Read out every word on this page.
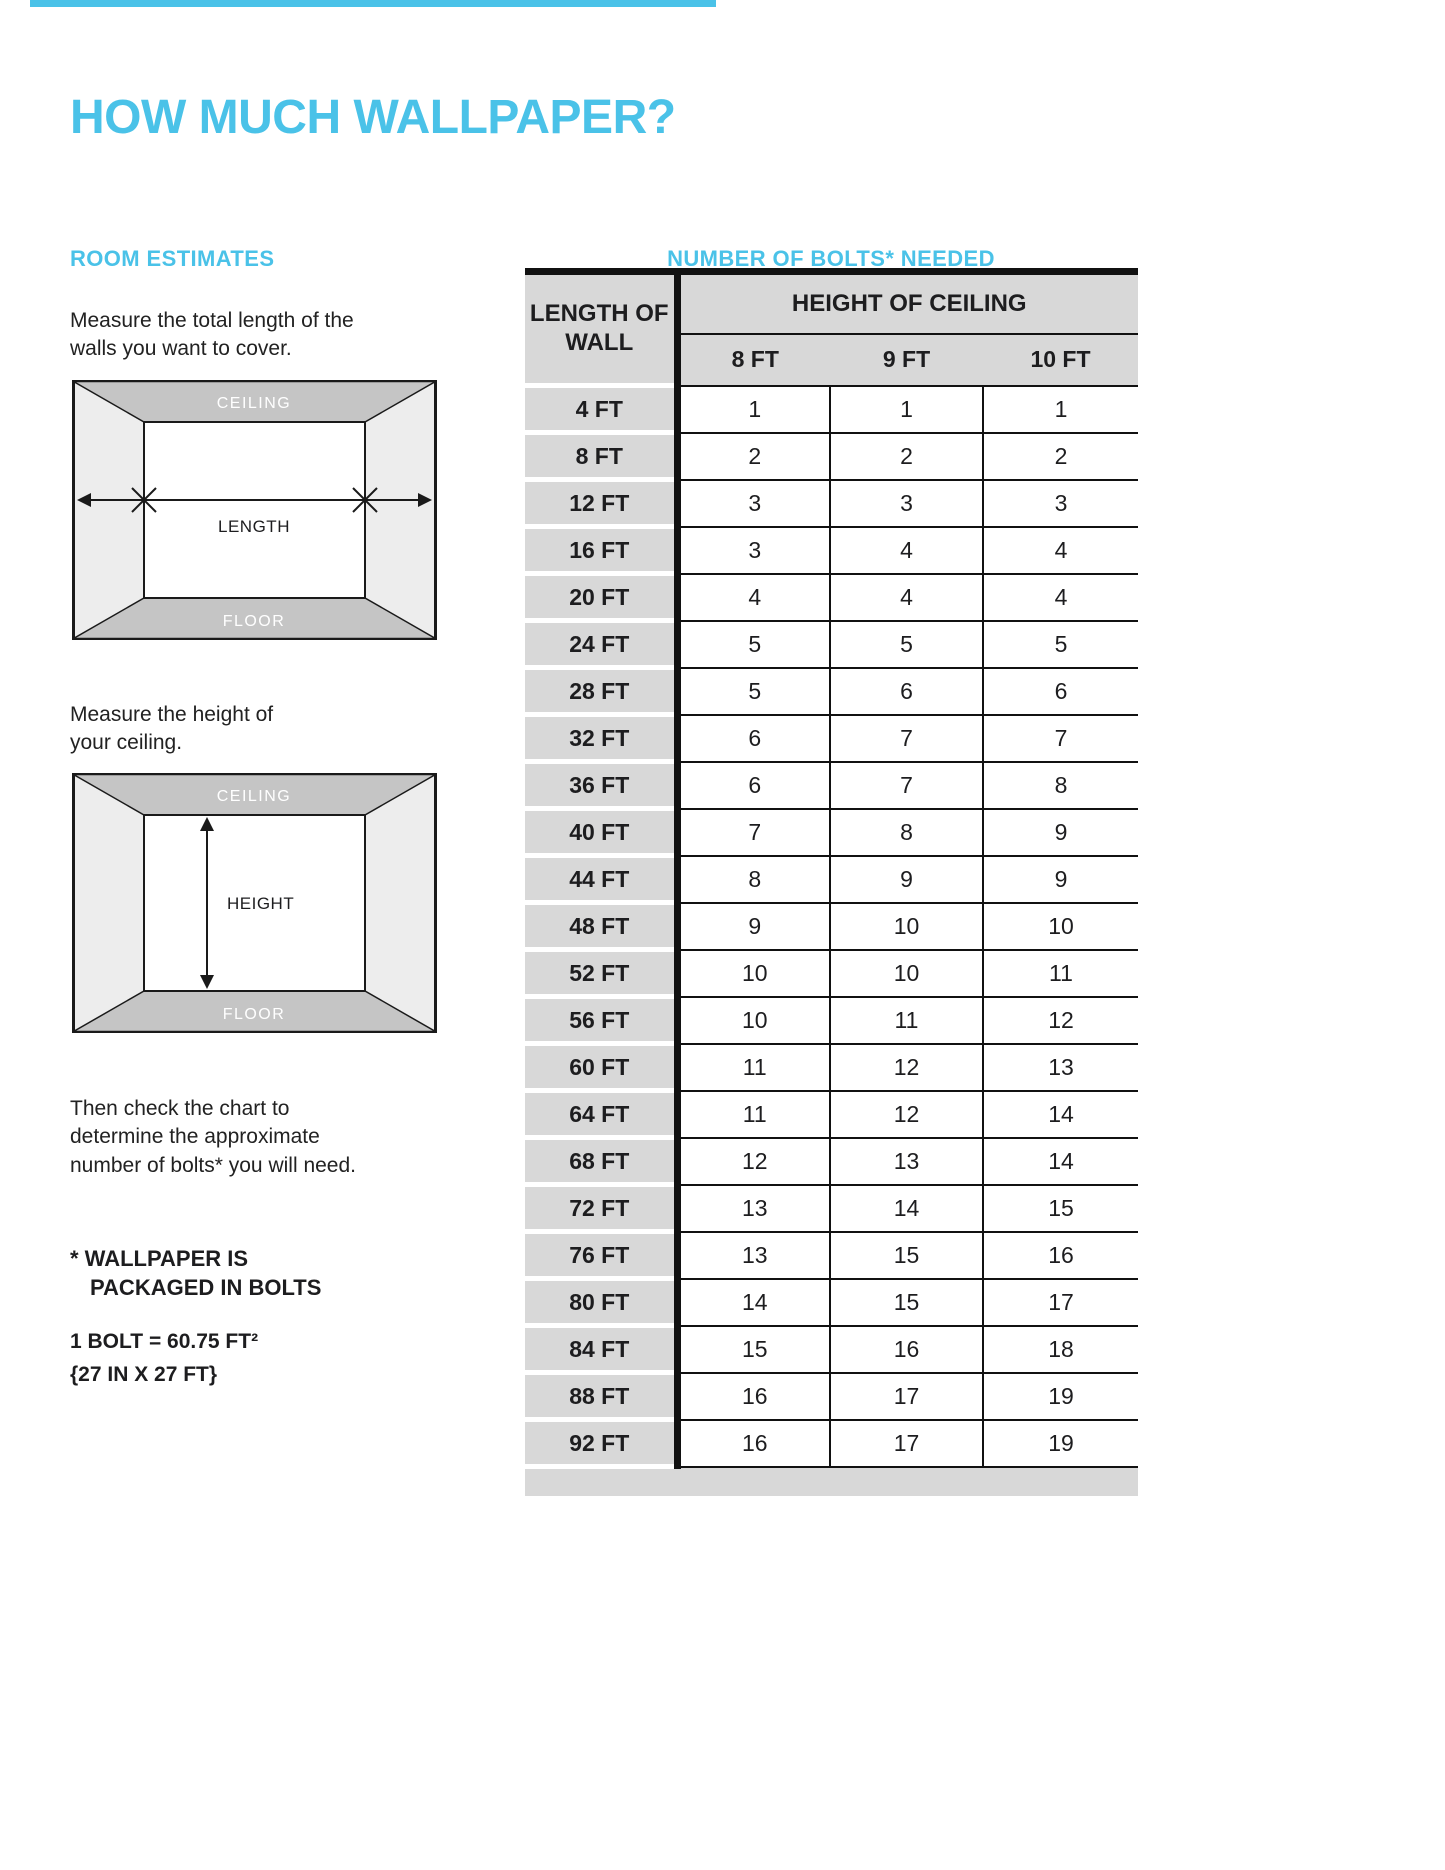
HOW MUCH WALLPAPER?
ROOM ESTIMATES

Measure the total length of the walls you want to cover.

CEILING
FLOOR
LENGTH

Measure the height of your ceiling.

CEILING
FLOOR
HEIGHT

Then check the chart to determine the approximate number of bolts* you will need.

* WALLPAPER IS
PACKAGED IN BOLTS
1 BOLT = 60.75 FT²
{27 IN X 27 FT}
NUMBER OF BOLTS* NEEDED
LENGTH OF WALL	HEIGHT OF CEILING		
	8 FT	9 FT	10 FT
4 FT	1	1	1
8 FT	2	2	2
12 FT	3	3	3
16 FT	3	4	4
20 FT	4	4	4
24 FT	5	5	5
28 FT	5	6	6
32 FT	6	7	7
36 FT	6	7	8
40 FT	7	8	9
44 FT	8	9	9
48 FT	9	10	10
52 FT	10	10	11
56 FT	10	11	12
60 FT	11	12	13
64 FT	11	12	14
68 FT	12	13	14
72 FT	13	14	15
76 FT	13	15	16
80 FT	14	15	17
84 FT	15	16	18
88 FT	16	17	19
92 FT	16	17	19
